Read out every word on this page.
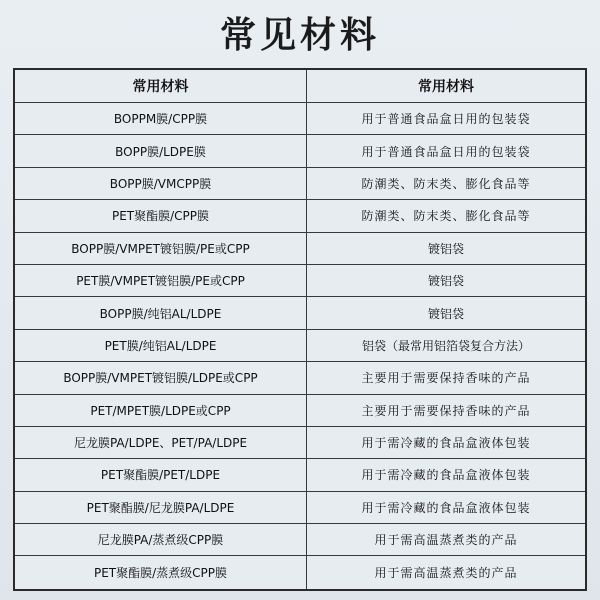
常见材料
常用材料	常用材料
BOPPM膜/CPP膜	用于普通食品盒日用的包装袋
BOPP膜/LDPE膜	用于普通食品盒日用的包装袋
BOPP膜/VMCPP膜	防潮类、防末类、膨化食品等
PET聚酯膜/CPP膜	防潮类、防末类、膨化食品等
BOPP膜/VMPET镀铝膜/PE或CPP	镀铝袋
PET膜/VMPET镀铝膜/PE或CPP	镀铝袋
BOPP膜/纯铝AL/LDPE	镀铝袋
PET膜/纯铝AL/LDPE	铝袋（最常用铝箔袋复合方法）
BOPP膜/VMPET镀铝膜/LDPE或CPP	主要用于需要保持香味的产品
PET/MPET膜/LDPE或CPP	主要用于需要保持香味的产品
尼龙膜PA/LDPE、PET/PA/LDPE	用于需冷藏的食品盒液体包装
PET聚酯膜/PET/LDPE	用于需冷藏的食品盒液体包装
PET聚酯膜/尼龙膜PA/LDPE	用于需冷藏的食品盒液体包装
尼龙膜PA/蒸煮级CPP膜	用于需高温蒸煮类的产品
PET聚酯膜/蒸煮级CPP膜	用于需高温蒸煮类的产品
